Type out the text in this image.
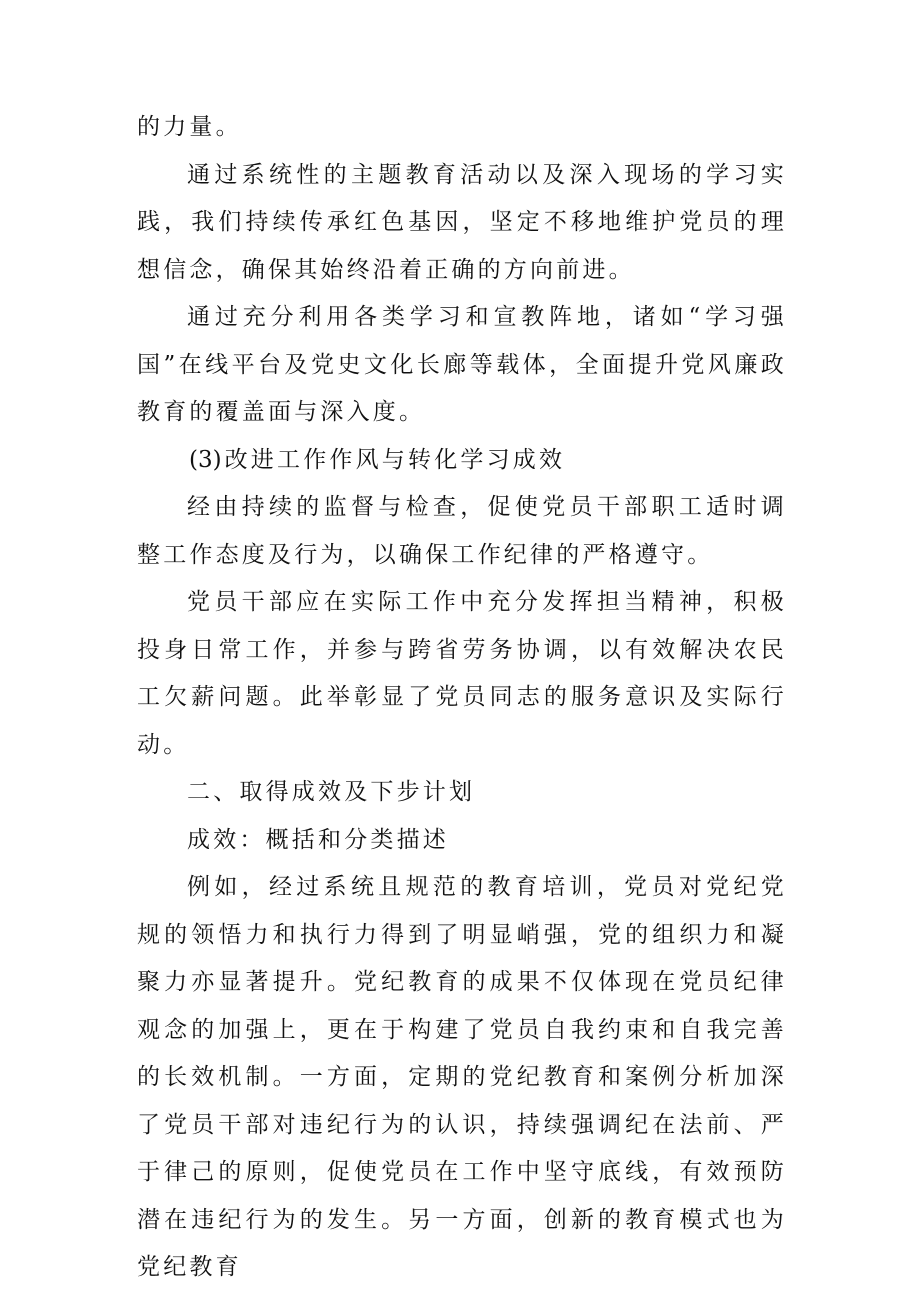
的力量。

通过系统性的主题教育活动以及深入现场的学习实践，我们持续传承红色基因，坚定不移地维护党员的理想信念，确保其始终沿着正确的方向前进。

通过充分利用各类学习和宣教阵地，诸如“学习强国”在线平台及党史文化长廊等载体，全面提升党风廉政教育的覆盖面与深入度。

(3) 改进工作作风与转化学习成效

经由持续的监督与检查，促使党员干部职工适时调整工作态度及行为，以确保工作纪律的严格遵守。

党员干部应在实际工作中充分发挥担当精神，积极投身日常工作，并参与跨省劳务协调，以有效解决农民工欠薪问题。此举彰显了党员同志的服务意识及实际行动。

二、取得成效及下步计划

成效：概括和分类描述

例如，经过系统且规范的教育培训，党员对党纪党规的领悟力和执行力得到了明显峭强，党的组织力和凝聚力亦显著提升。党纪教育的成果不仅体现在党员纪律观念的加强上，更在于构建了党员自我约束和自我完善的长效机制。一方面，定期的党纪教育和案例分析加深了党员干部对违纪行为的认识，持续强调纪在法前、严于律己的原则，促使党员在工作中坚守底线，有效预防潜在违纪行为的发生。另一方面，创新的教育模式也为党纪教育
